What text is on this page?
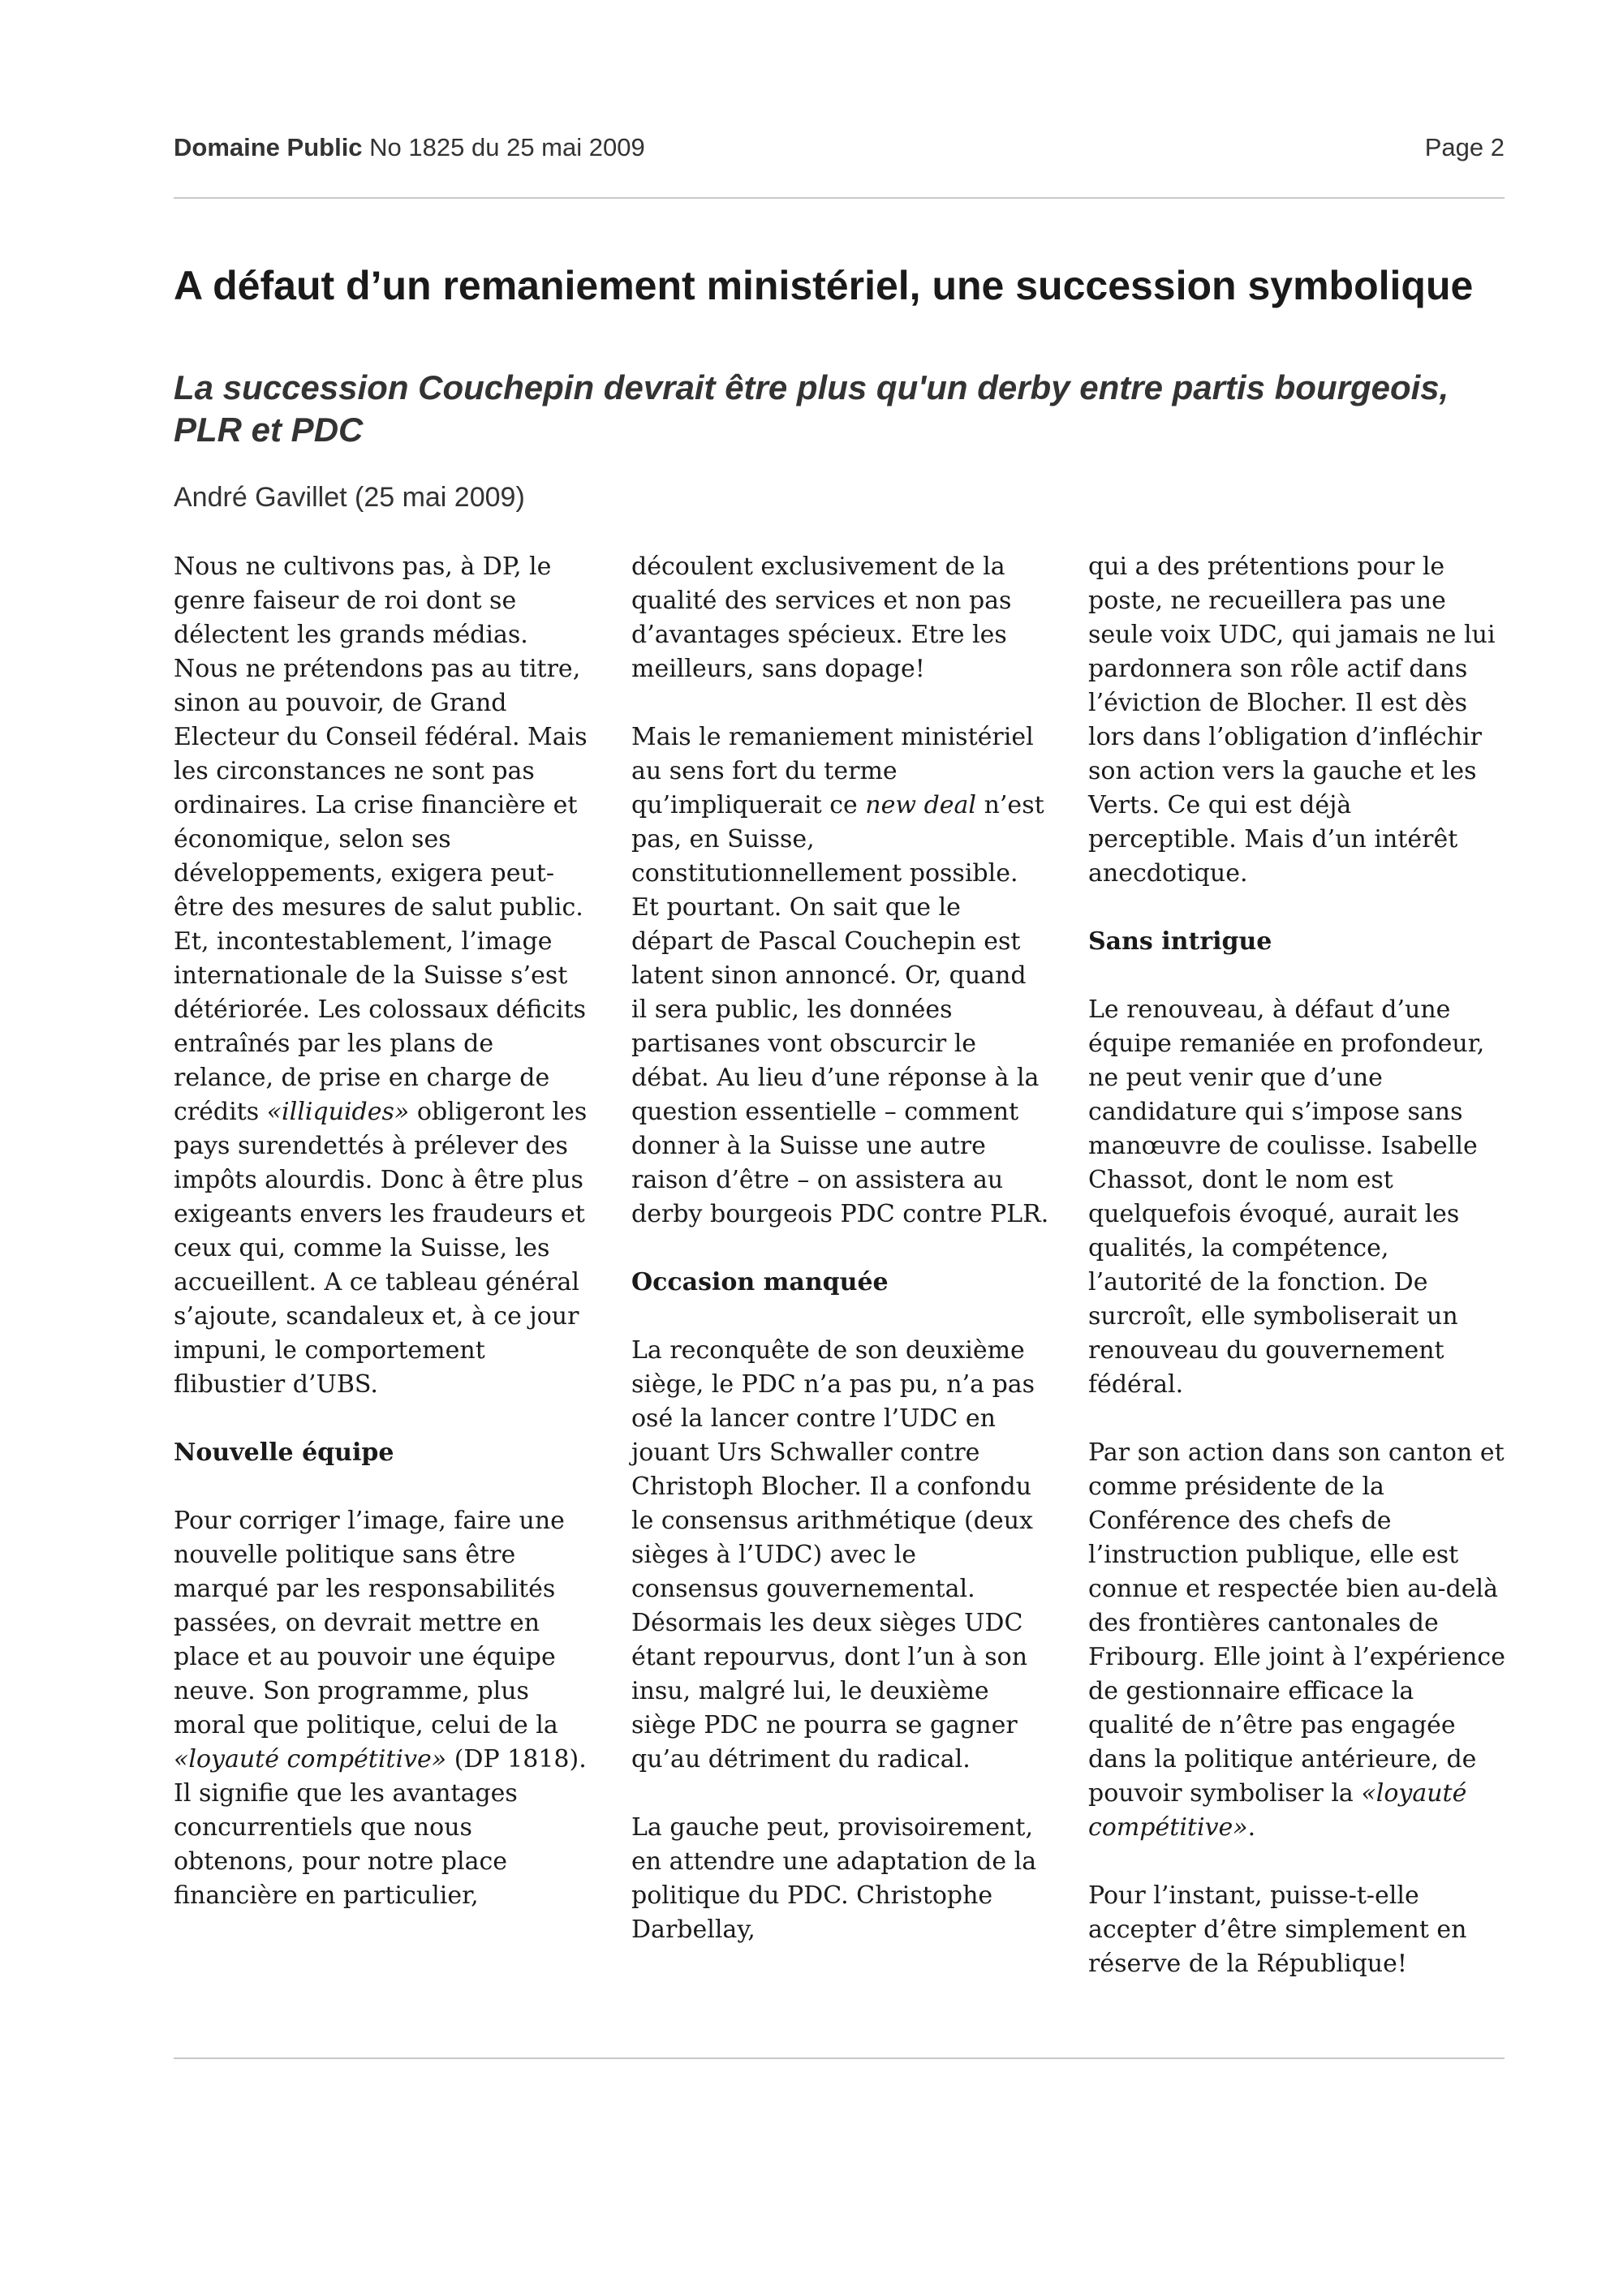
Domaine Public No 1825 du 25 mai 2009	Page 2
A défaut d’un remaniement ministériel, une succession symbolique
La succession Couchepin devrait être plus qu'un derby entre partis bourgeois, PLR et PDC
André Gavillet (25 mai 2009)

Nous ne cultivons pas, à DP, le genre faiseur de roi dont se délectent les grands médias. Nous ne prétendons pas au titre, sinon au pouvoir, de Grand Electeur du Conseil fédéral. Mais les circonstances ne sont pas ordinaires. La crise financière et économique, selon ses développements, exigera peut-être des mesures de salut public. Et, incontestablement, l’image internationale de la Suisse s’est détériorée. Les colossaux déficits entraînés par les plans de relance, de prise en charge de crédits «illiquides» obligeront les pays surendettés à prélever des impôts alourdis. Donc à être plus exigeants envers les fraudeurs et ceux qui, comme la Suisse, les accueillent. A ce tableau général s’ajoute, scandaleux et, à ce jour impuni, le comportement flibustier d’UBS.

Nouvelle équipe

Pour corriger l’image, faire une nouvelle politique sans être marqué par les responsabilités passées, on devrait mettre en place et au pouvoir une équipe neuve. Son programme, plus moral que politique, celui de la «loyauté compétitive» (DP 1818). Il signifie que les avantages concurrentiels que nous obtenons, pour notre place financière en particulier,

découlent exclusivement de la qualité des services et non pas d’avantages spécieux. Etre les meilleurs, sans dopage!

Mais le remaniement ministériel au sens fort du terme qu’impliquerait ce new deal n’est pas, en Suisse, constitutionnellement possible. Et pourtant. On sait que le départ de Pascal Couchepin est latent sinon annoncé. Or, quand il sera public, les données partisanes vont obscurcir le débat. Au lieu d’une réponse à la question essentielle – comment donner à la Suisse une autre raison d’être – on assistera au derby bourgeois PDC contre PLR.

Occasion manquée

La reconquête de son deuxième siège, le PDC n’a pas pu, n’a pas osé la lancer contre l’UDC en jouant Urs Schwaller contre Christoph Blocher. Il a confondu le consensus arithmétique (deux sièges à l’UDC) avec le consensus gouvernemental. Désormais les deux sièges UDC étant repourvus, dont l’un à son insu, malgré lui, le deuxième siège PDC ne pourra se gagner qu’au détriment du radical.

La gauche peut, provisoirement, en attendre une adaptation de la politique du PDC. Christophe Darbellay,

qui a des prétentions pour le poste, ne recueillera pas une seule voix UDC, qui jamais ne lui pardonnera son rôle actif dans l’éviction de Blocher. Il est dès lors dans l’obligation d’infléchir son action vers la gauche et les Verts. Ce qui est déjà perceptible. Mais d’un intérêt anecdotique.

Sans intrigue

Le renouveau, à défaut d’une équipe remaniée en profondeur, ne peut venir que d’une candidature qui s’impose sans manœuvre de coulisse. Isabelle Chassot, dont le nom est quelquefois évoqué, aurait les qualités, la compétence, l’autorité de la fonction. De surcroît, elle symboliserait un renouveau du gouvernement fédéral.

Par son action dans son canton et comme présidente de la Conférence des chefs de l’instruction publique, elle est connue et respectée bien au-delà des frontières cantonales de Fribourg. Elle joint à l’expérience de gestionnaire efficace la qualité de n’être pas engagée dans la politique antérieure, de pouvoir symboliser la «loyauté compétitive».

Pour l’instant, puisse-t-elle accepter d’être simplement en réserve de la République!
